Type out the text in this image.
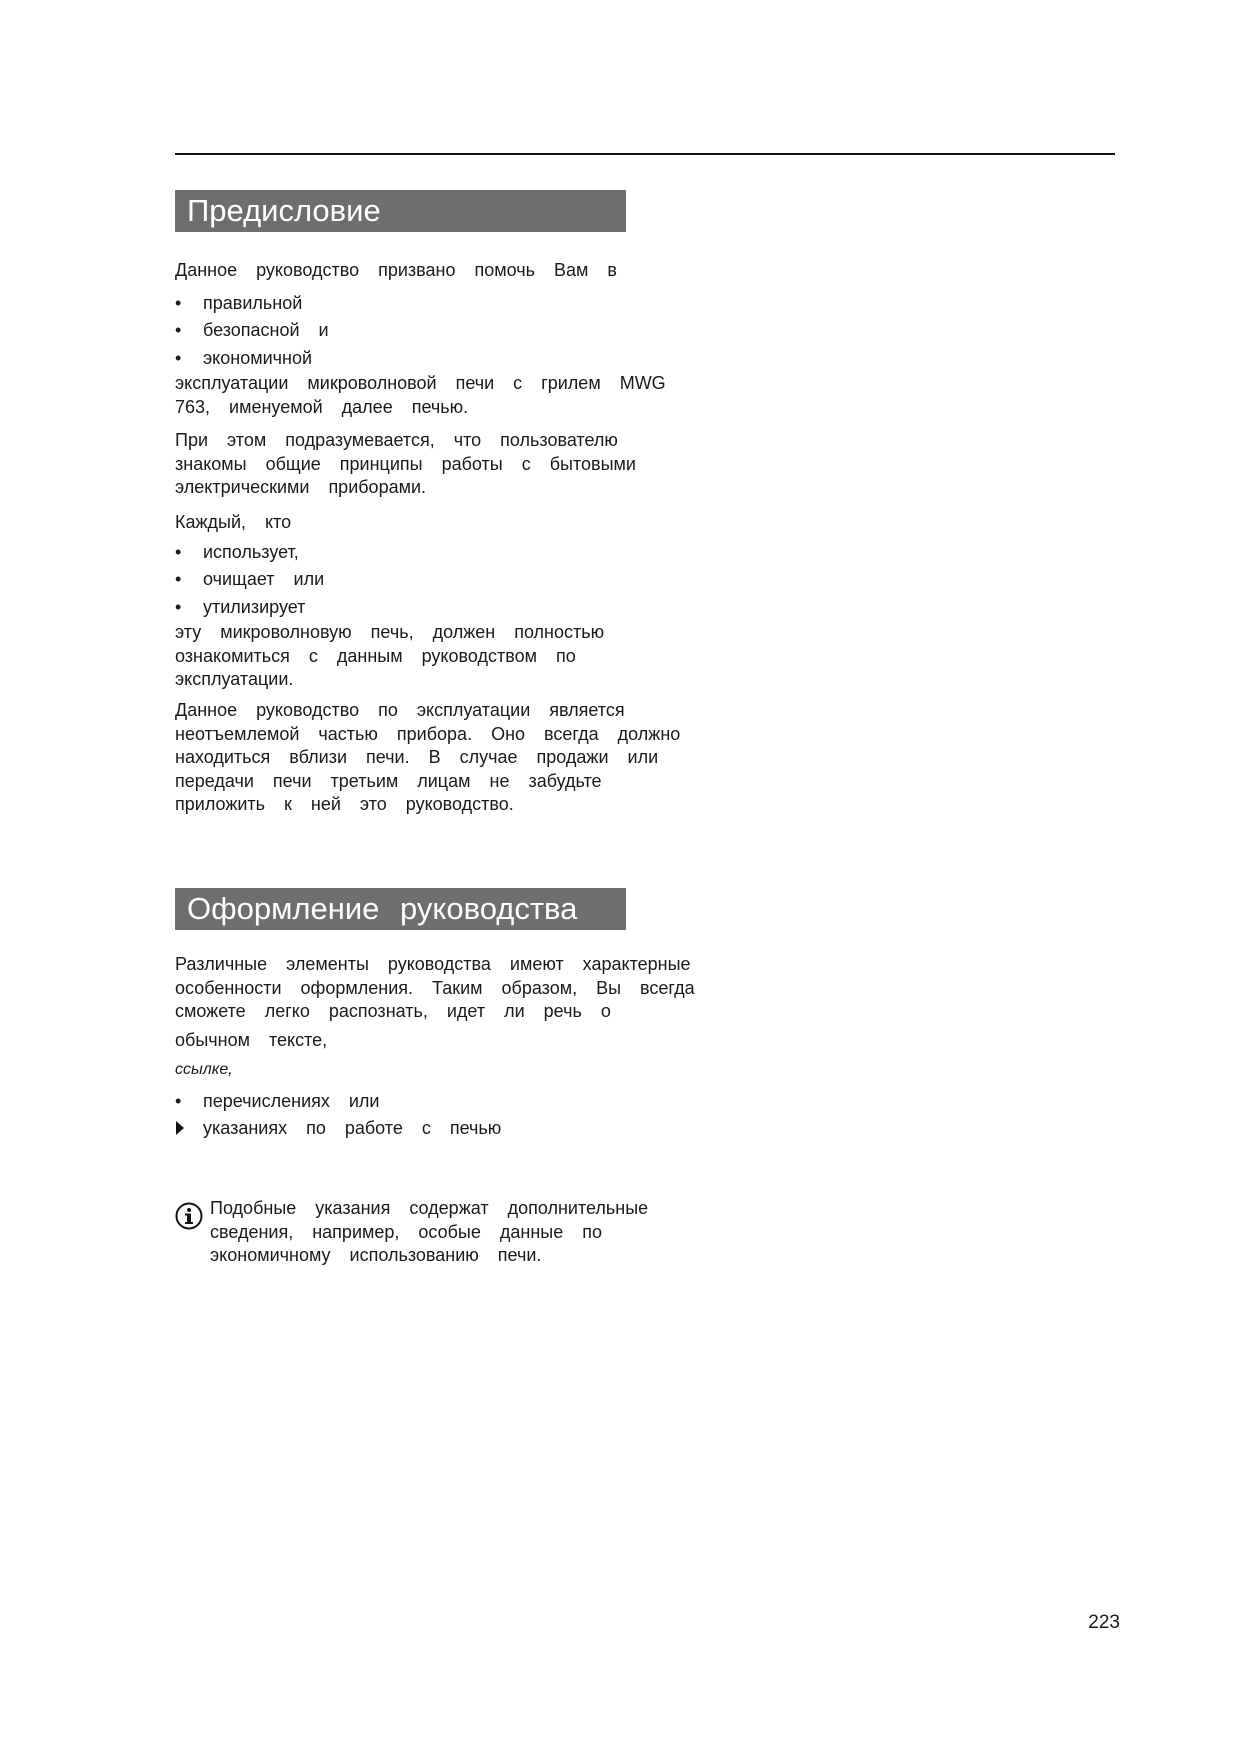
Предисловие

Данное руководство призвано помочь Вам в

•	правильной
•	безопасной и
•	экономичной

эксплуатации микроволновой печи с грилем MWG 763, именуемой далее печью.

При этом подразумевается, что пользователю знакомы общие принципы работы с бытовыми электрическими приборами.

Каждый, кто

•	использует,
•	очищает или
•	утилизирует

эту микроволновую печь, должен полностью ознакомиться с данным руководством по эксплуатации.

Данное руководство по эксплуатации является неотъемлемой частью прибора. Оно всегда должно находиться вблизи печи. В случае продажи или передачи печи третьим лицам не забудьте приложить к ней это руководство.

Оформление руководства

Различные элементы руководства имеют характерные особенности оформления. Таким образом, Вы всегда сможете легко распознать, идет ли речь о

обычном тексте,

ссылке,

•	перечислениях или
указаниях по работе с печью

Подобные указания содержат дополнительные сведения, например, особые данные по экономичному использованию печи.

223
